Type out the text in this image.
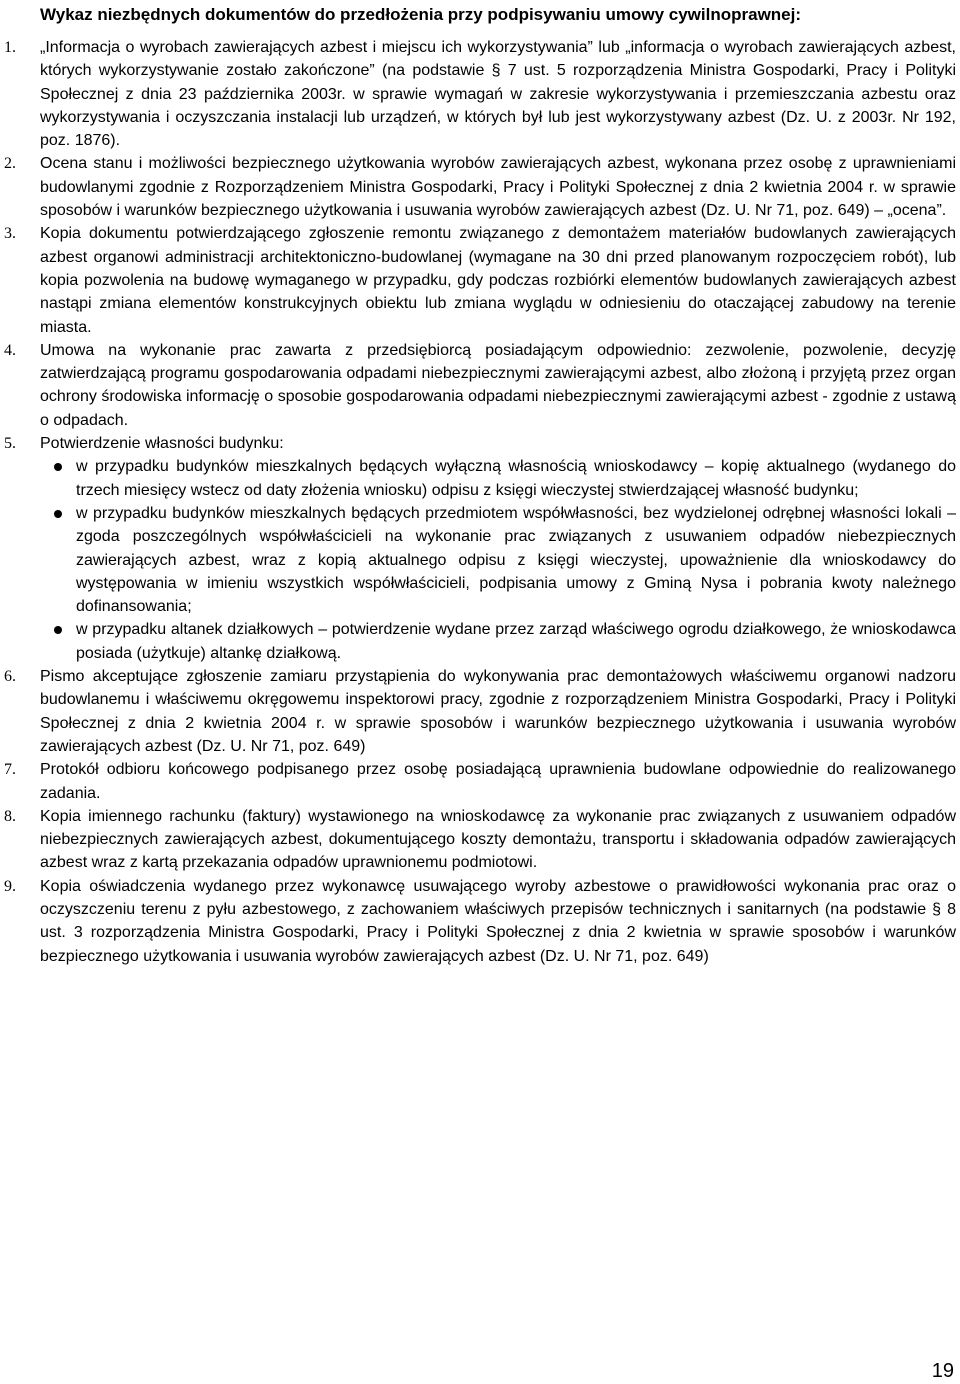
Wykaz niezbędnych dokumentów do przedłożenia przy podpisywaniu umowy cywilnoprawnej:
1. „Informacja o wyrobach zawierających azbest i miejscu ich wykorzystywania” lub „informacja o wyrobach zawierających azbest, których wykorzystywanie zostało zakończone” (na podstawie § 7 ust. 5 rozporządzenia Ministra Gospodarki, Pracy i Polityki Społecznej z dnia 23 października 2003r. w sprawie wymagań w zakresie wykorzystywania i przemieszczania azbestu oraz wykorzystywania i oczyszczania instalacji lub urządzeń, w których był lub jest wykorzystywany azbest (Dz. U. z 2003r. Nr 192, poz. 1876).
2. Ocena stanu i możliwości bezpiecznego użytkowania wyrobów zawierających azbest, wykonana przez osobę z uprawnieniami budowlanymi zgodnie z Rozporządzeniem Ministra Gospodarki, Pracy i Polityki Społecznej z dnia 2 kwietnia 2004 r. w sprawie sposobów i warunków bezpiecznego użytkowania i usuwania wyrobów zawierających azbest (Dz. U. Nr 71, poz. 649) – „ocena”.
3. Kopia dokumentu potwierdzającego zgłoszenie remontu związanego z demontażem materiałów budowlanych zawierających azbest organowi administracji architektoniczno-budowlanej (wymagane na 30 dni przed planowanym rozpoczęciem robót), lub kopia pozwolenia na budowę wymaganego w przypadku, gdy podczas rozbiórki elementów budowlanych zawierających azbest nastąpi zmiana elementów konstrukcyjnych obiektu lub zmiana wyglądu w odniesieniu do otaczającej zabudowy na terenie miasta.
4. Umowa na wykonanie prac zawarta z przedsiębiorcą posiadającym odpowiednio: zezwolenie, pozwolenie, decyzję zatwierdzającą programu gospodarowania odpadami niebezpiecznymi zawierającymi azbest, albo złożoną i przyjętą przez organ ochrony środowiska informację o sposobie gospodarowania odpadami niebezpiecznymi zawierającymi azbest - zgodnie z ustawą o odpadach.
5. Potwierdzenie własności budynku:
w przypadku budynków mieszkalnych będących wyłączną własnością wnioskodawcy – kopię aktualnego (wydanego do trzech miesięcy wstecz od daty złożenia wniosku) odpisu z księgi wieczystej stwierdzającej własność budynku;
w przypadku budynków mieszkalnych będących przedmiotem współwłasności, bez wydzielonej odrębnej własności lokali – zgoda poszczególnych współwłaścicieli na wykonanie prac związanych z usuwaniem odpadów niebezpiecznych zawierających azbest, wraz z kopią aktualnego odpisu z księgi wieczystej, upoważnienie dla wnioskodawcy do występowania w imieniu wszystkich współwłaścicieli, podpisania umowy z Gminą Nysa i pobrania kwoty należnego dofinansowania;
w przypadku altanek działkowych – potwierdzenie wydane przez zarząd właściwego ogrodu działkowego, że wnioskodawca posiada (użytkuje) altankę działkową.
6. Pismo akceptujące zgłoszenie zamiaru przystąpienia do wykonywania prac demontażowych właściwemu organowi nadzoru budowlanemu i właściwemu okręgowemu inspektorowi pracy, zgodnie z rozporządzeniem Ministra Gospodarki, Pracy i Polityki Społecznej z dnia 2 kwietnia 2004 r. w sprawie sposobów i warunków bezpiecznego użytkowania i usuwania wyrobów zawierających azbest (Dz. U. Nr 71, poz. 649)
7. Protokół odbioru końcowego podpisanego przez osobę posiadającą uprawnienia budowlane odpowiednie do realizowanego zadania.
8. Kopia imiennego rachunku (faktury) wystawionego na wnioskodawcę za wykonanie prac związanych z usuwaniem odpadów niebezpiecznych zawierających azbest, dokumentującego koszty demontażu, transportu i składowania odpadów zawierających azbest wraz z kartą przekazania odpadów uprawnionemu podmiotowi.
9. Kopia oświadczenia wydanego przez wykonawcę usuwającego wyroby azbestowe o prawidłowości wykonania prac oraz o oczyszczeniu terenu z pyłu azbestowego, z zachowaniem właściwych przepisów technicznych i sanitarnych (na podstawie § 8 ust. 3 rozporządzenia Ministra Gospodarki, Pracy i Polityki Społecznej z dnia 2 kwietnia w sprawie sposobów i warunków bezpiecznego użytkowania i usuwania wyrobów zawierających azbest (Dz. U. Nr 71, poz. 649)
19
